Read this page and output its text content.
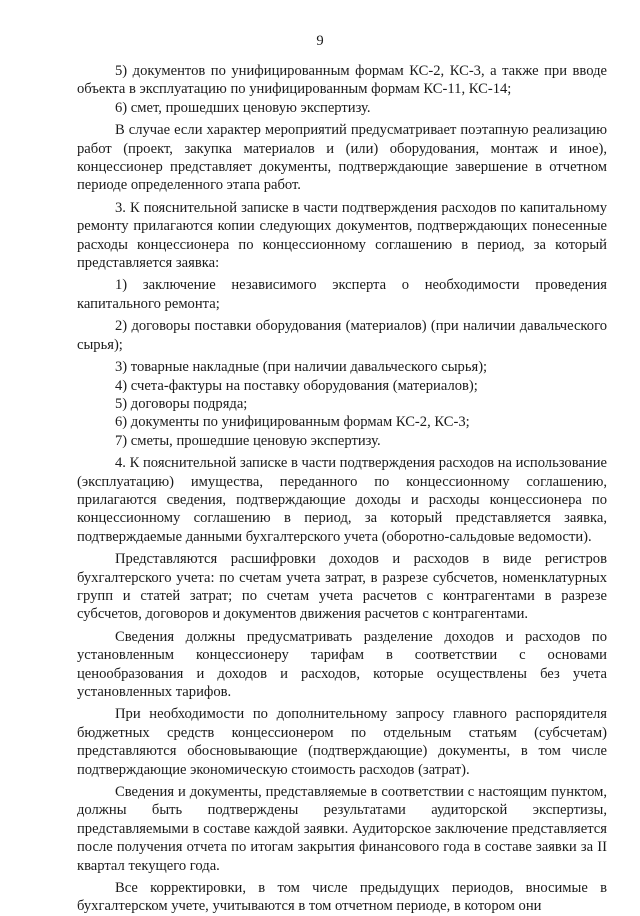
9

5) документов по унифицированным формам КС-2, КС-3, а также при вводе объекта в эксплуатацию по унифицированным формам КС-11, КС-14;

6) смет, прошедших ценовую экспертизу.

В случае если характер мероприятий предусматривает поэтапную реализацию работ (проект, закупка материалов и (или) оборудования, монтаж и иное), концессионер представляет документы, подтверждающие завершение в отчетном периоде определенного этапа работ.

3. К пояснительной записке в части подтверждения расходов по капитальному ремонту прилагаются копии следующих документов, подтверждающих понесенные расходы концессионера по концессионному соглашению в период, за который представляется заявка:

1) заключение независимого эксперта о необходимости проведения капитального ремонта;

2) договоры поставки оборудования (материалов) (при наличии давальческого сырья);

3) товарные накладные (при наличии давальческого сырья);

4) счета-фактуры на поставку оборудования (материалов);

5) договоры подряда;

6) документы по унифицированным формам КС-2, КС-3;

7) сметы, прошедшие ценовую экспертизу.

4. К пояснительной записке в части подтверждения расходов на использование (эксплуатацию) имущества, переданного по концессионному соглашению, прилагаются сведения, подтверждающие доходы и расходы концессионера по концессионному соглашению в период, за который представляется заявка, подтверждаемые данными бухгалтерского учета (оборотно-сальдовые ведомости).

Представляются расшифровки доходов и расходов в виде регистров бухгалтерского учета: по счетам учета затрат, в разрезе субсчетов, номенклатурных групп и статей затрат; по счетам учета расчетов с контрагентами в разрезе субсчетов, договоров и документов движения расчетов с контрагентами.

Сведения должны предусматривать разделение доходов и расходов по установленным концессионеру тарифам в соответствии с основами ценообразования и доходов и расходов, которые осуществлены без учета установленных тарифов.

При необходимости по дополнительному запросу главного распорядителя бюджетных средств концессионером по отдельным статьям (субсчетам) представляются обосновывающие (подтверждающие) документы, в том числе подтверждающие экономическую стоимость расходов (затрат).

Сведения и документы, представляемые в соответствии с настоящим пунктом, должны быть подтверждены результатами аудиторской экспертизы, представляемыми в составе каждой заявки. Аудиторское заключение представляется после получения отчета по итогам закрытия финансового года в составе заявки за II квартал текущего года.

Все корректировки, в том числе предыдущих периодов, вносимые в бухгалтерском учете, учитываются в том отчетном периоде, в котором они
